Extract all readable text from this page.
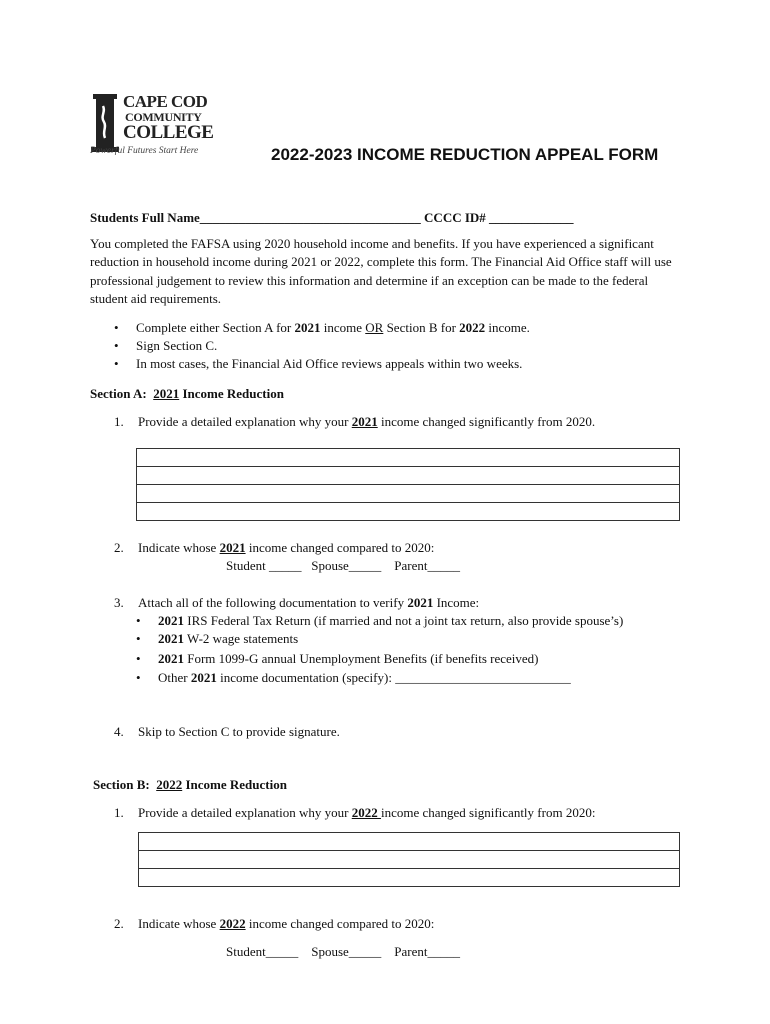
CAPE COD
COMMUNITY
COLLEGE
Powerful Futures Start Here	2022-2023 INCOME REDUCTION APPEAL FORM
Students Full Name__________________________________ CCCC ID# _____________
You completed the FAFSA using 2020 household income and benefits. If you have experienced a significant reduction in household income during 2021 or 2022, complete this form. The Financial Aid Office staff will use professional judgement to review this information and determine if an exception can be made to the federal student aid requirements.
• Complete either Section A for 2021 income OR Section B for 2022 income.
• Sign Section C.
• In most cases, the Financial Aid Office reviews appeals within two weeks.
Section A: 2021 Income Reduction
1. Provide a detailed explanation why your 2021 income changed significantly from 2020.
2. Indicate whose 2021 income changed compared to 2020:
Student _____   Spouse_____    Parent_____
3. Attach all of the following documentation to verify 2021 Income:
• 2021 IRS Federal Tax Return (if married and not a joint tax return, also provide spouse’s)
• 2021 W-2 wage statements
• 2021 Form 1099-G annual Unemployment Benefits (if benefits received)
• Other 2021 income documentation (specify): ___________________________
4. Skip to Section C to provide signature.
Section B: 2022 Income Reduction
1. Provide a detailed explanation why your 2022 income changed significantly from 2020:
2. Indicate whose 2022 income changed compared to 2020:
Student_____    Spouse_____    Parent_____
